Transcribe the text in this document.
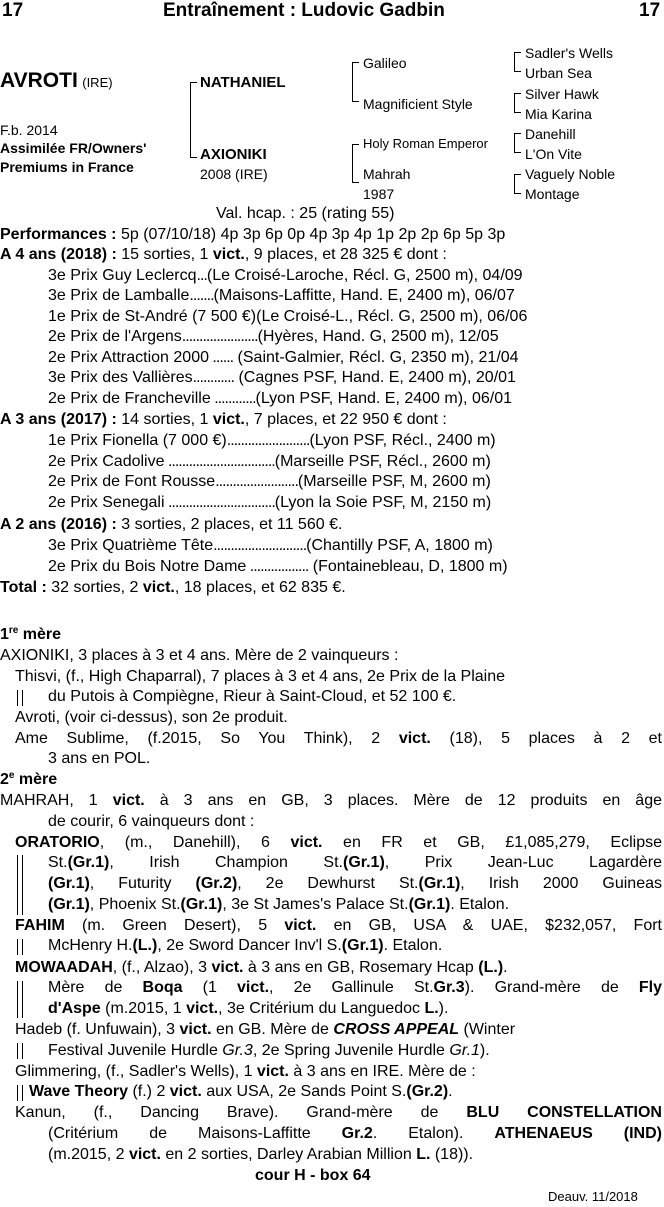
17	Entraînement : Ludovic Gadbin	17
AVROTI (IRE)
F.b. 2014
Assimilée FR/Owners'
Premiums in France
NATHANIEL
AXIONIKI
2008 (IRE)
Galileo
Magnificient Style
Holy Roman Emperor
Mahrah
1987
Sadler's Wells
Urban Sea
Silver Hawk
Mia Karina
Danehill
L'On Vite
Vaguely Noble
Montage
Val. hcap. : 25 (rating 55)
Performances : 5p (07/10/18) 4p 3p 6p 0p 4p 3p 4p 1p 2p 2p 6p 5p 3p
A 4 ans (2018) : 15 sorties, 1 vict., 9 places, et 28 325 € dont :
3e Prix Guy Leclercq...(Le Croisé-Laroche, Récl. G, 2500 m), 04/09
3e Prix de Lamballe.......(Maisons-Laffitte, Hand. E, 2400 m), 06/07
1e Prix de St-André (7 500 €)(Le Croisé-L., Récl. G, 2500 m), 06/06
2e Prix de l'Argens......................(Hyères, Hand. G, 2500 m), 12/05
2e Prix Attraction 2000 ...... (Saint-Galmier, Récl. G, 2350 m), 21/04
3e Prix des Vallières............ (Cagnes PSF, Hand. E, 2400 m), 20/01
2e Prix de Francheville ............(Lyon PSF, Hand. E, 2400 m), 06/01
A 3 ans (2017) : 14 sorties, 1 vict., 7 places, et 22 950 € dont :
1e Prix Fionella (7 000 €)........................(Lyon PSF, Récl., 2400 m)
2e Prix Cadolive ...............................(Marseille PSF, Récl., 2600 m)
2e Prix de Font Rousse........................(Marseille PSF, M, 2600 m)
2e Prix Senegali ...............................(Lyon la Soie PSF, M, 2150 m)
A 2 ans (2016) : 3 sorties, 2 places, et 11 560 €.
3e Prix Quatrième Tête...........................(Chantilly PSF, A, 1800 m)
2e Prix du Bois Notre Dame ................. (Fontainebleau, D, 1800 m)
Total : 32 sorties, 2 vict., 18 places, et 62 835 €.
1re mère
AXIONIKI, 3 places à 3 et 4 ans. Mère de 2 vainqueurs :
Thisvi, (f., High Chaparral), 7 places à 3 et 4 ans, 2e Prix de la Plaine
du Putois à Compiègne, Rieur à Saint-Cloud, et 52 100 €.
Avroti, (voir ci-dessus), son 2e produit.
Ame Sublime, (f.2015, So You Think), 2 vict. (18), 5 places à 2 et
3 ans en POL.
2e mère
MAHRAH, 1 vict. à 3 ans en GB, 3 places. Mère de 12 produits en âge
de courir, 6 vainqueurs dont :
ORATORIO, (m., Danehill), 6 vict. en FR et GB, £1,085,279, Eclipse
St.(Gr.1), Irish Champion St.(Gr.1), Prix Jean-Luc Lagardère
(Gr.1), Futurity (Gr.2), 2e Dewhurst St.(Gr.1), Irish 2000 Guineas
(Gr.1), Phoenix St.(Gr.1), 3e St James's Palace St.(Gr.1). Etalon.
FAHIM (m. Green Desert), 5 vict. en GB, USA & UAE, $232,057, Fort
McHenry H.(L.), 2e Sword Dancer Inv'l S.(Gr.1). Etalon.
MOWAADAH, (f., Alzao), 3 vict. à 3 ans en GB, Rosemary Hcap (L.).
Mère de Boqa (1 vict., 2e Gallinule St.Gr.3). Grand-mère de Fly
d'Aspe (m.2015, 1 vict., 3e Critérium du Languedoc L.).
Hadeb (f. Unfuwain), 3 vict. en GB. Mère de CROSS APPEAL (Winter
Festival Juvenile Hurdle Gr.3, 2e Spring Juvenile Hurdle Gr.1).
Glimmering, (f., Sadler's Wells), 1 vict. à 3 ans en IRE. Mère de :
Wave Theory (f.) 2 vict. aux USA, 2e Sands Point S.(Gr.2).
Kanun, (f., Dancing Brave). Grand-mère de BLU CONSTELLATION
(Critérium de Maisons-Laffitte Gr.2. Etalon). ATHENAEUS (IND)
(m.2015, 2 vict. en 2 sorties, Darley Arabian Million L. (18)).
cour H - box 64
Deauv. 11/2018
